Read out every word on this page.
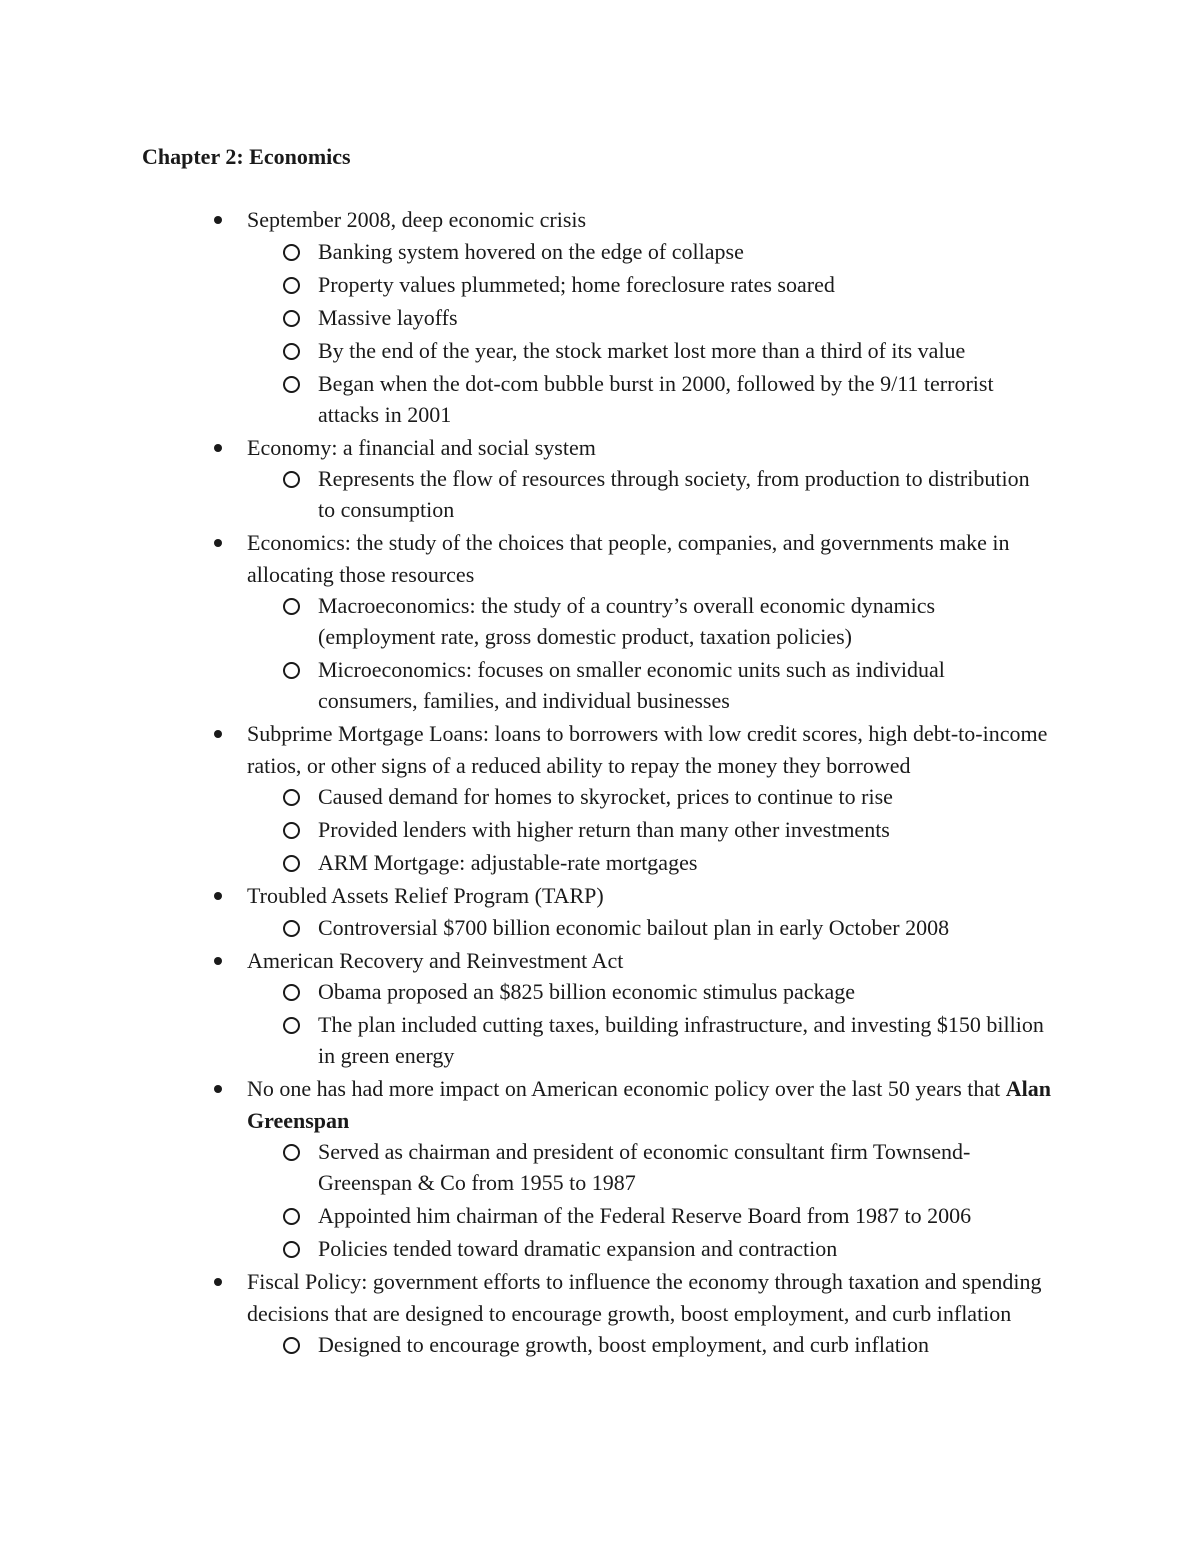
Chapter 2: Economics
September 2008, deep economic crisis
Banking system hovered on the edge of collapse
Property values plummeted; home foreclosure rates soared
Massive layoffs
By the end of the year, the stock market lost more than a third of its value
Began when the dot-com bubble burst in 2000, followed by the 9/11 terrorist attacks in 2001
Economy: a financial and social system
Represents the flow of resources through society, from production to distribution to consumption
Economics: the study of the choices that people, companies, and governments make in allocating those resources
Macroeconomics: the study of a country’s overall economic dynamics (employment rate, gross domestic product, taxation policies)
Microeconomics: focuses on smaller economic units such as individual consumers, families, and individual businesses
Subprime Mortgage Loans: loans to borrowers with low credit scores, high debt-to-income ratios, or other signs of a reduced ability to repay the money they borrowed
Caused demand for homes to skyrocket, prices to continue to rise
Provided lenders with higher return than many other investments
ARM Mortgage: adjustable-rate mortgages
Troubled Assets Relief Program (TARP)
Controversial $700 billion economic bailout plan in early October 2008
American Recovery and Reinvestment Act
Obama proposed an $825 billion economic stimulus package
The plan included cutting taxes, building infrastructure, and investing $150 billion in green energy
No one has had more impact on American economic policy over the last 50 years that Alan Greenspan
Served as chairman and president of economic consultant firm Townsend-Greenspan & Co from 1955 to 1987
Appointed him chairman of the Federal Reserve Board from 1987 to 2006
Policies tended toward dramatic expansion and contraction
Fiscal Policy: government efforts to influence the economy through taxation and spending decisions that are designed to encourage growth, boost employment, and curb inflation
Designed to encourage growth, boost employment, and curb inflation
